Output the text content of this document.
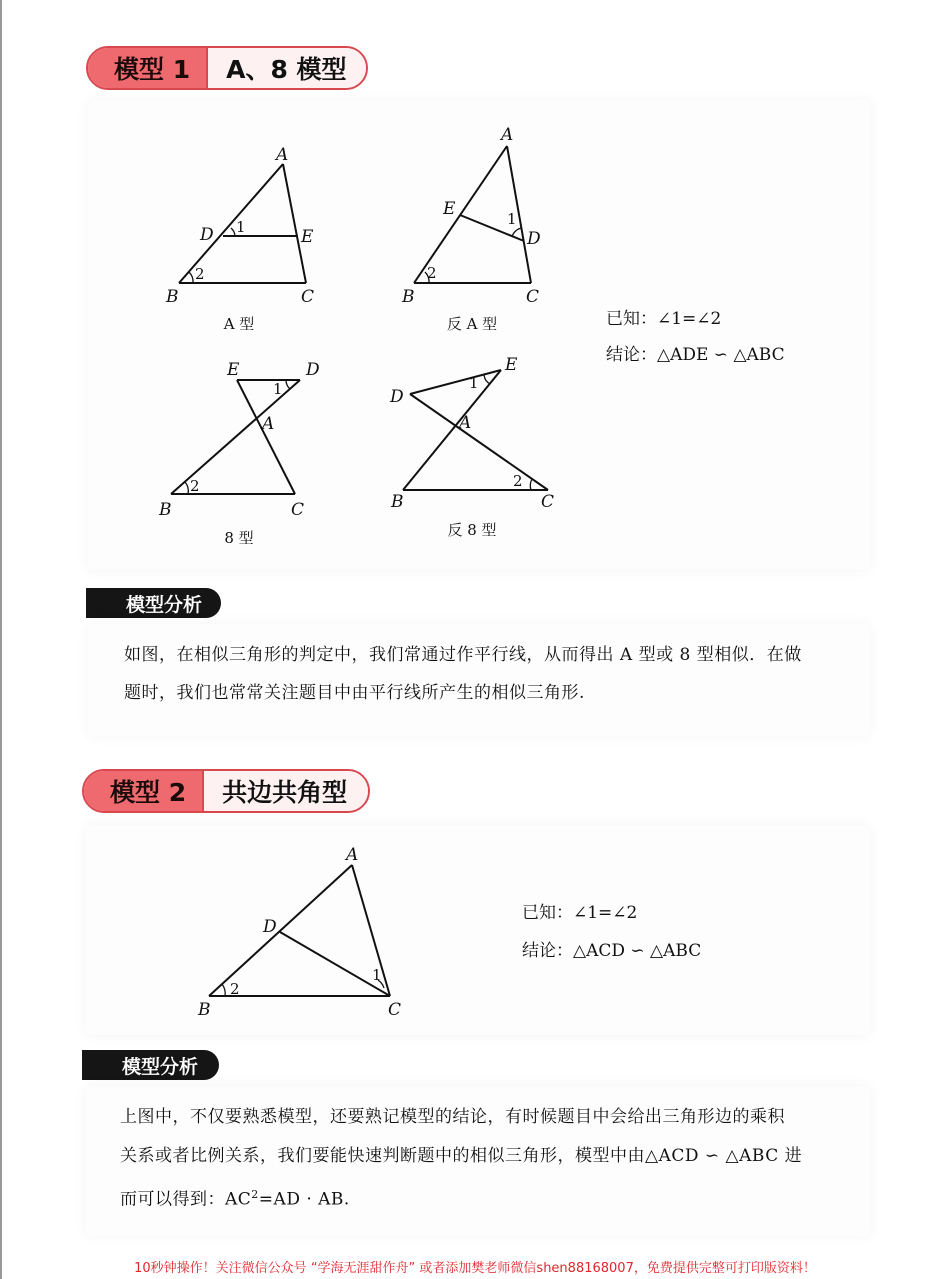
模型 1	A、8 模型
A
D	E
B	C
1
2
A 型
A
E
D
B	C
1
2
反 A 型	已知：∠1=∠2
结论：△ADE ∽ △ABC
E	D
A
B	C
1
2
8 型
D
E
A
B	C
1
2
反 8 型
模型分析
如图，在相似三角形的判定中，我们常通过作平行线，从而得出 A 型或 8 型相似．在做
题时，我们也常常关注题目中由平行线所产生的相似三角形.
模型 2	共边共角型
A
D
B	C
1
2
已知：∠1=∠2
结论：△ACD ∽ △ABC
模型分析
上图中，不仅要熟悉模型，还要熟记模型的结论，有时候题目中会给出三角形边的乘积
关系或者比例关系，我们要能快速判断题中的相似三角形，模型中由△ACD ∽ △ABC 进
而可以得到：$AC^2=AD$ · AB.
10秒钟操作！关注微信公众号 “学海无涯甜作舟” 或者添加樊老师微信shen88168007，免费提供完整可打印版资料！
